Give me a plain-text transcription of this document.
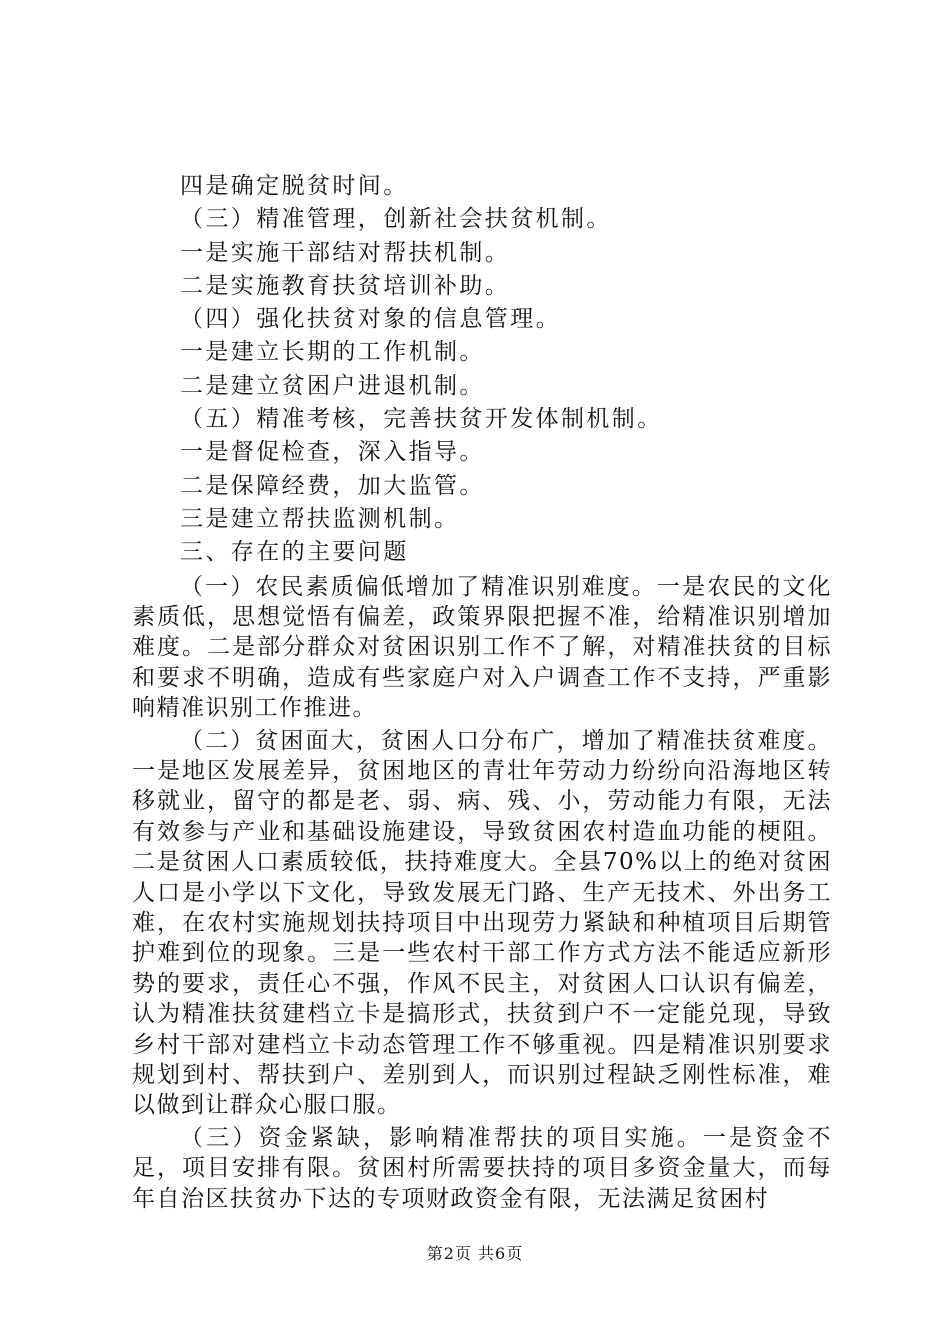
四是确定脱贫时间。
（三）精准管理，创新社会扶贫机制。
一是实施干部结对帮扶机制。
二是实施教育扶贫培训补助。
（四）强化扶贫对象的信息管理。
一是建立长期的工作机制。
二是建立贫困户进退机制。
（五）精准考核，完善扶贫开发体制机制。
一是督促检查，深入指导。
二是保障经费，加大监管。
三是建立帮扶监测机制。
三、存在的主要问题

（一）农民素质偏低增加了精准识别难度。一是农民的文化素质低，思想觉悟有偏差，政策界限把握不准，给精准识别增加难度。二是部分群众对贫困识别工作不了解，对精准扶贫的目标和要求不明确，造成有些家庭户对入户调查工作不支持，严重影响精准识别工作推进。

（二）贫困面大，贫困人口分布广，增加了精准扶贫难度。一是地区发展差异，贫困地区的青壮年劳动力纷纷向沿海地区转移就业，留守的都是老、弱、病、残、小，劳动能力有限，无法有效参与产业和基础设施建设，导致贫困农村造血功能的梗阻。二是贫困人口素质较低，扶持难度大。全县70%以上的绝对贫困人口是小学以下文化，导致发展无门路、生产无技术、外出务工难，在农村实施规划扶持项目中出现劳力紧缺和种植项目后期管护难到位的现象。三是一些农村干部工作方式方法不能适应新形势的要求，责任心不强，作风不民主，对贫困人口认识有偏差，认为精准扶贫建档立卡是搞形式，扶贫到户不一定能兑现，导致乡村干部对建档立卡动态管理工作不够重视。四是精准识别要求规划到村、帮扶到户、差别到人，而识别过程缺乏刚性标准，难以做到让群众心服口服。

（三）资金紧缺，影响精准帮扶的项目实施。一是资金不足，项目安排有限。贫困村所需要扶持的项目多资金量大，而每年自治区扶贫办下达的专项财政资金有限，无法满足贫困村

第2页 共6页
